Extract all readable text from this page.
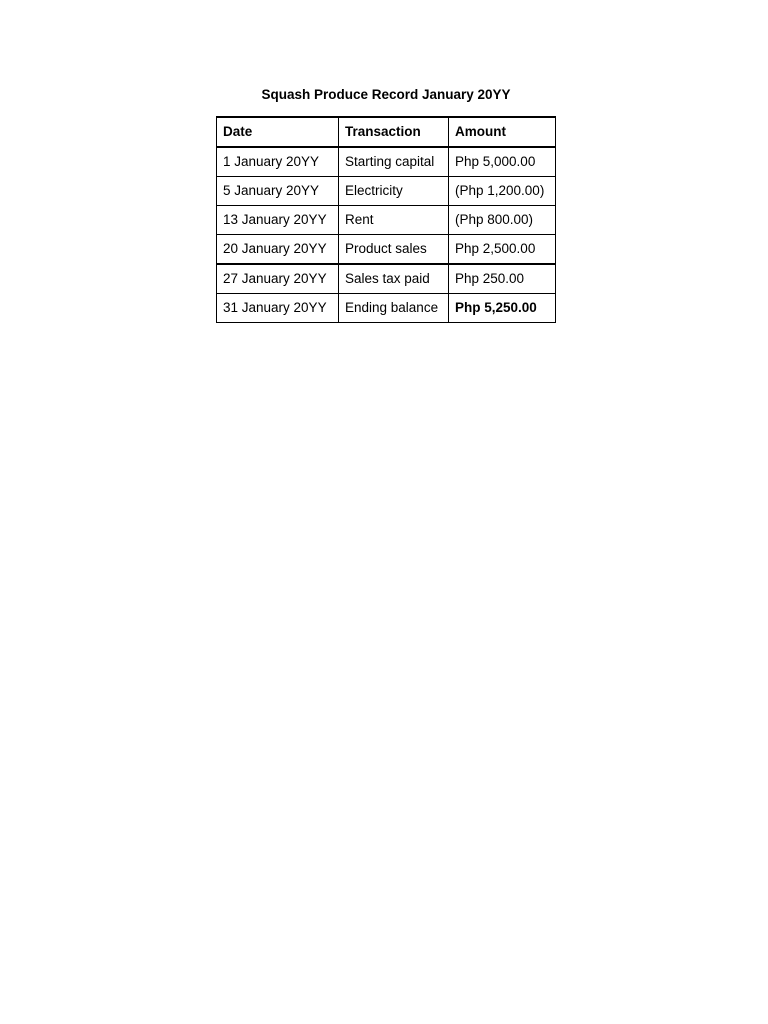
Squash Produce Record January 20YY
Date	Transaction	Amount
1 January 20YY	Starting capital	Php 5,000.00
5 January 20YY	Electricity	(Php 1,200.00)
13 January 20YY	Rent	(Php 800.00)
20 January 20YY	Product sales	Php 2,500.00
27 January 20YY	Sales tax paid	Php 250.00
31 January 20YY	Ending balance	Php 5,250.00
